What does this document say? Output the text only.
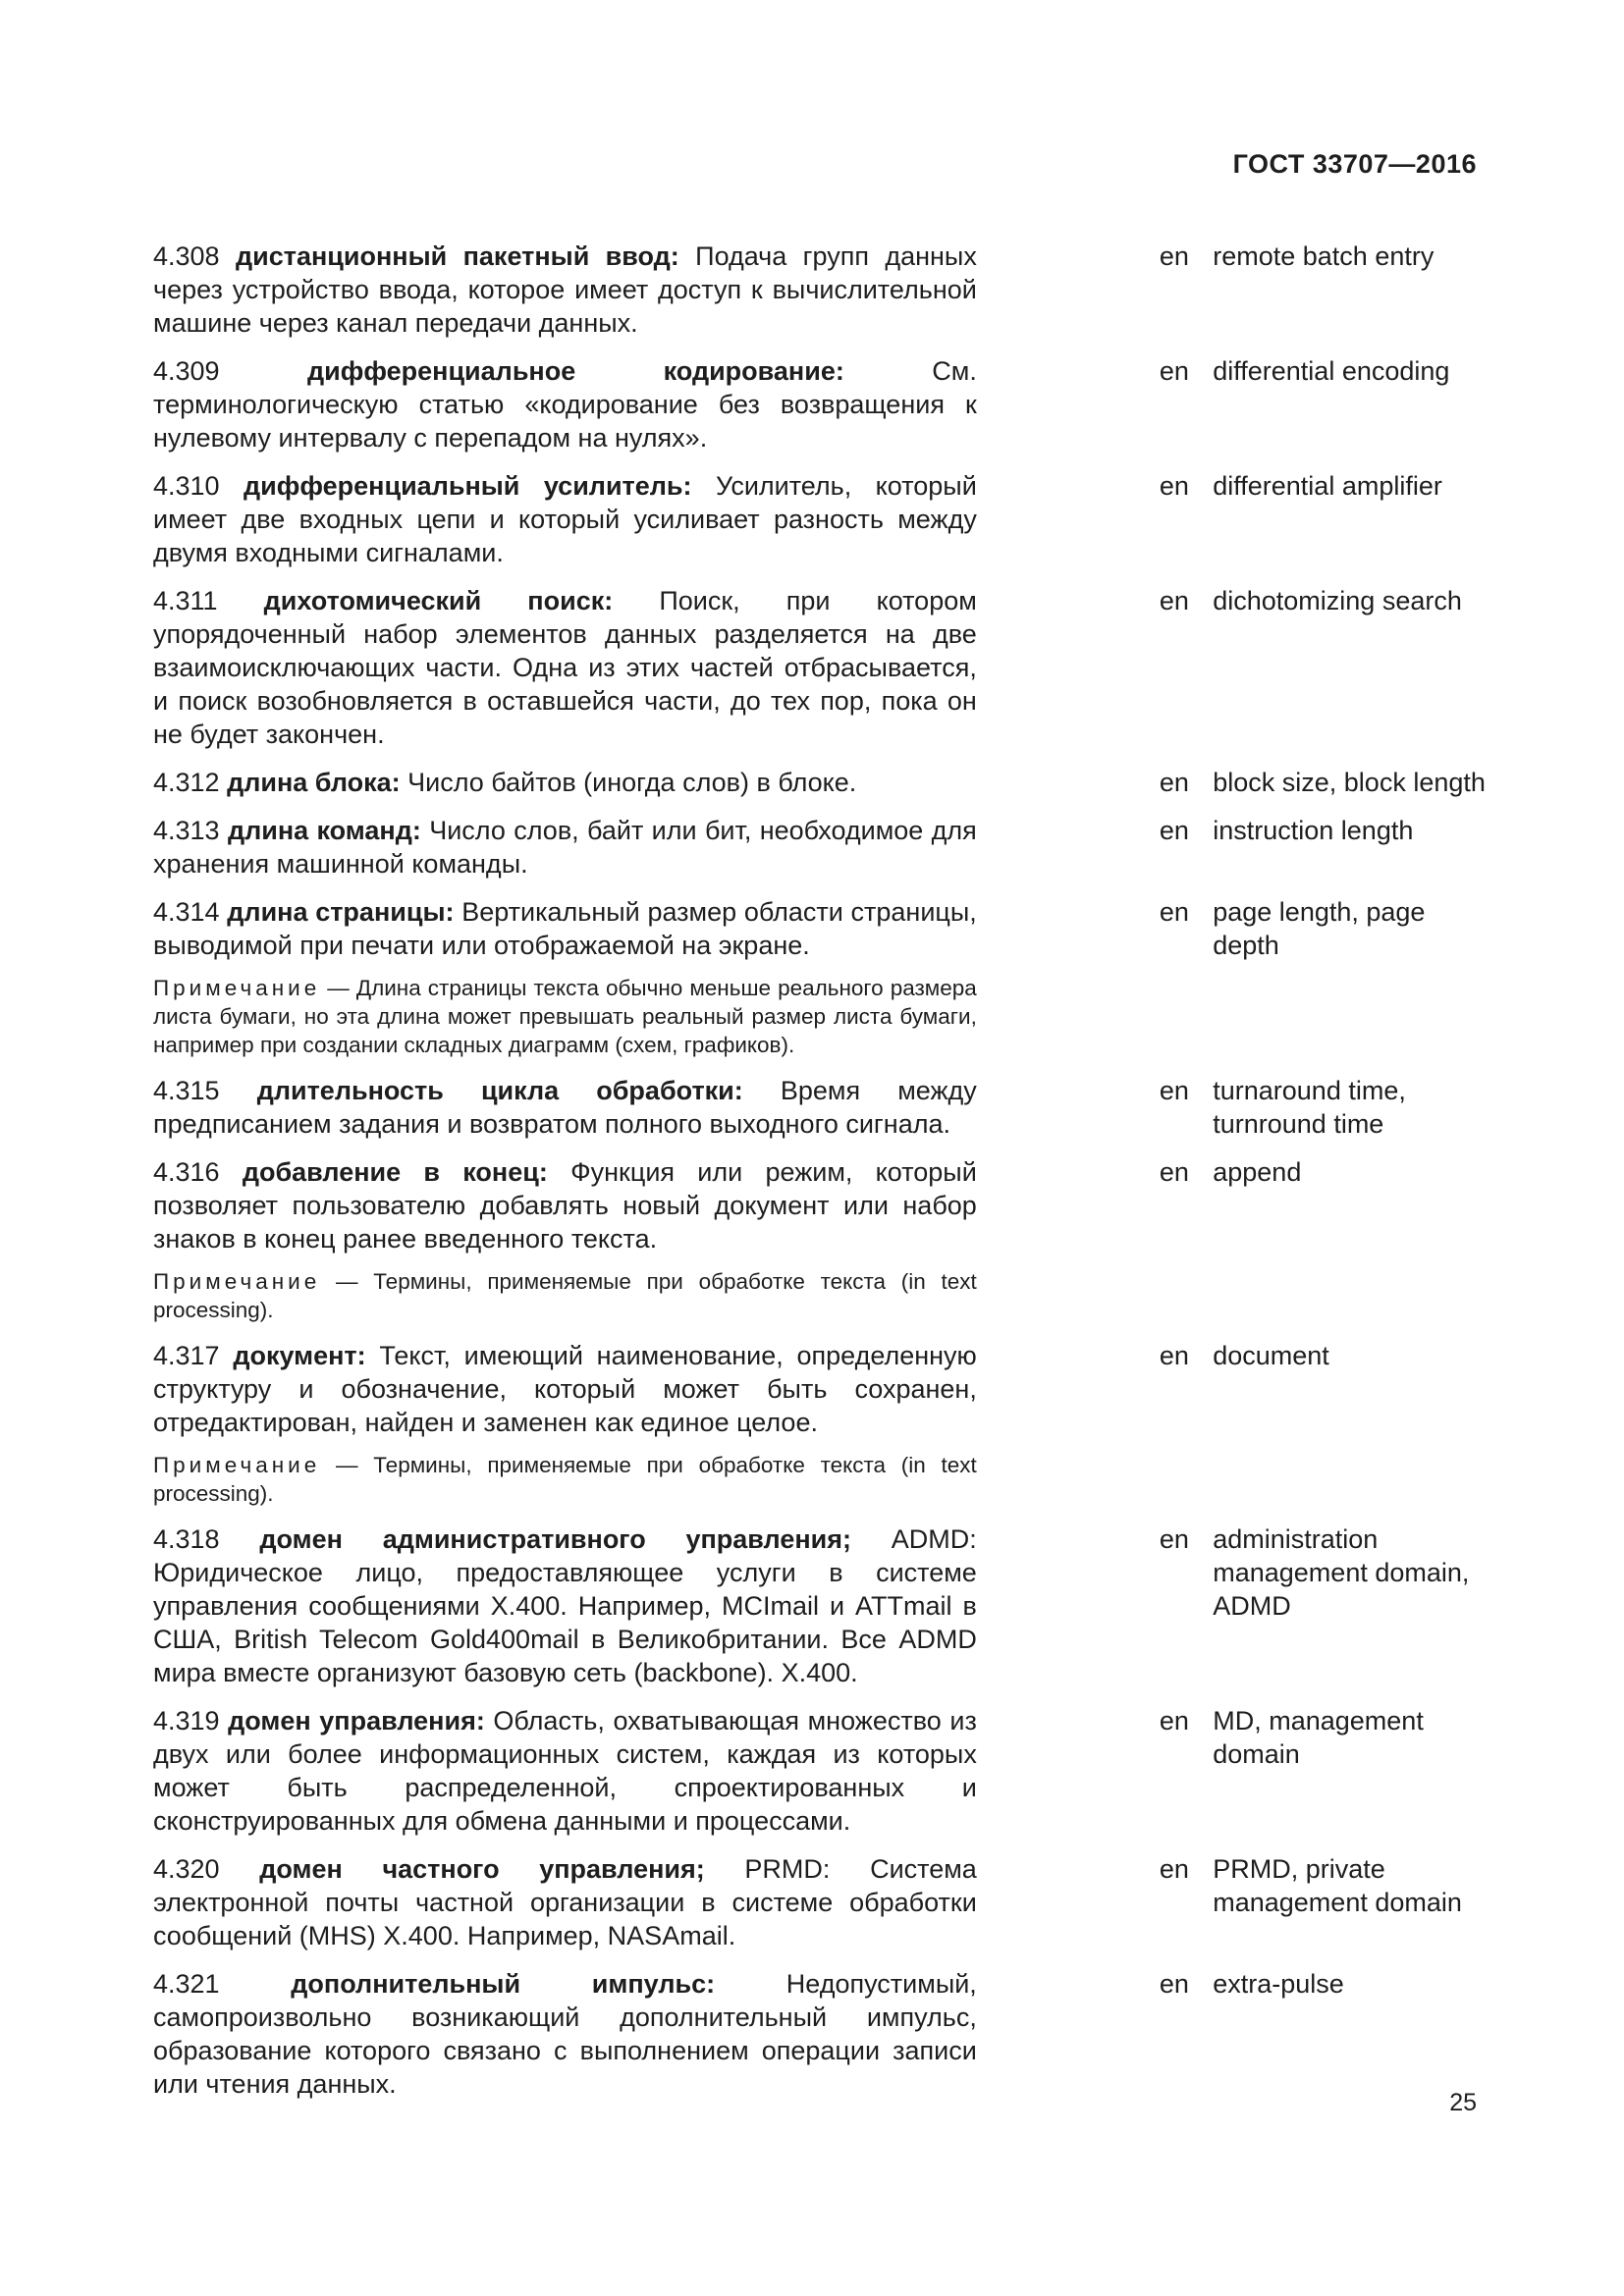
ГОСТ 33707—2016

4.308 дистанционный пакетный ввод: Подача групп данных через устройство ввода, которое имеет доступ к вычислительной машине через канал передачи данных.

en remote batch entry

4.309	дифференциальное кодирование:	См. терминологическую статью «кодирование без возвращения к нулевому интервалу с перепадом на нулях».

en differential encoding

4.310 дифференциальный усилитель: Усилитель, который имеет две входных цепи и который усиливает разность между двумя входными сигналами.

en differential amplifier

4.311 дихотомический поиск: Поиск, при котором упорядоченный набор элементов данных разделяется на две взаимоисключающих части. Одна из этих частей отбрасывается, и поиск возобновляется в оставшейся части, до тех пор, пока он не будет закончен.

en dichotomizing search

4.312 длина блока: Число байтов (иногда слов) в блоке.	en block size, block length

4.313 длина команд: Число слов, байт или бит, необходимое для хранения машинной команды.

en instruction length

4.314 длина страницы: Вертикальный размер области страницы, выводимой при печати или отображаемой на экране.

Примечание — Длина страницы текста обычно меньше реального размера листа бумаги, но эта длина может превышать реальный размер листа бумаги, например при создании складных диаграмм (схем, графиков).

en page length, page depth

4.315 длительность цикла обработки: Время между предписанием задания и возвратом полного выходного сигнала.

en turnaround time, turnround time

4.316 добавление в конец: Функция или режим, который позволяет пользователю добавлять новый документ или набор знаков в конец ранее введенного текста.

Примечание — Термины, применяемые при обработке текста (in text processing).

en append

4.317 документ: Текст, имеющий наименование, определенную структуру и обозначение, который может быть сохранен, отредактирован, найден и заменен как единое целое.

Примечание — Термины, применяемые при обработке текста (in text processing).

en document

4.318 домен административного управления; ADMD: Юридическое лицо, предоставляющее услуги в системе управления сообщениями X.400. Например, MCImail и ATTmail в США, British Telecom Gold400mail в Великобритании. Все ADMD мира вместе организуют базовую сеть (backbone). X.400.

en administration management domain, ADMD

4.319 домен управления: Область, охватывающая множество из двух или более информационных систем, каждая из которых может быть распределенной, спроектированных и сконструированных для обмена данными и процессами.

en MD, management domain

4.320 домен частного управления; PRMD: Система электронной почты частной организации в системе обработки сообщений (MHS) X.400. Например, NASAmail.

en PRMD, private management domain

4.321	дополнительный импульс:	Недопустимый, самопроизвольно возникающий дополнительный импульс, образование которого связано с выполнением операции записи или чтения данных.

en extra-pulse
25
